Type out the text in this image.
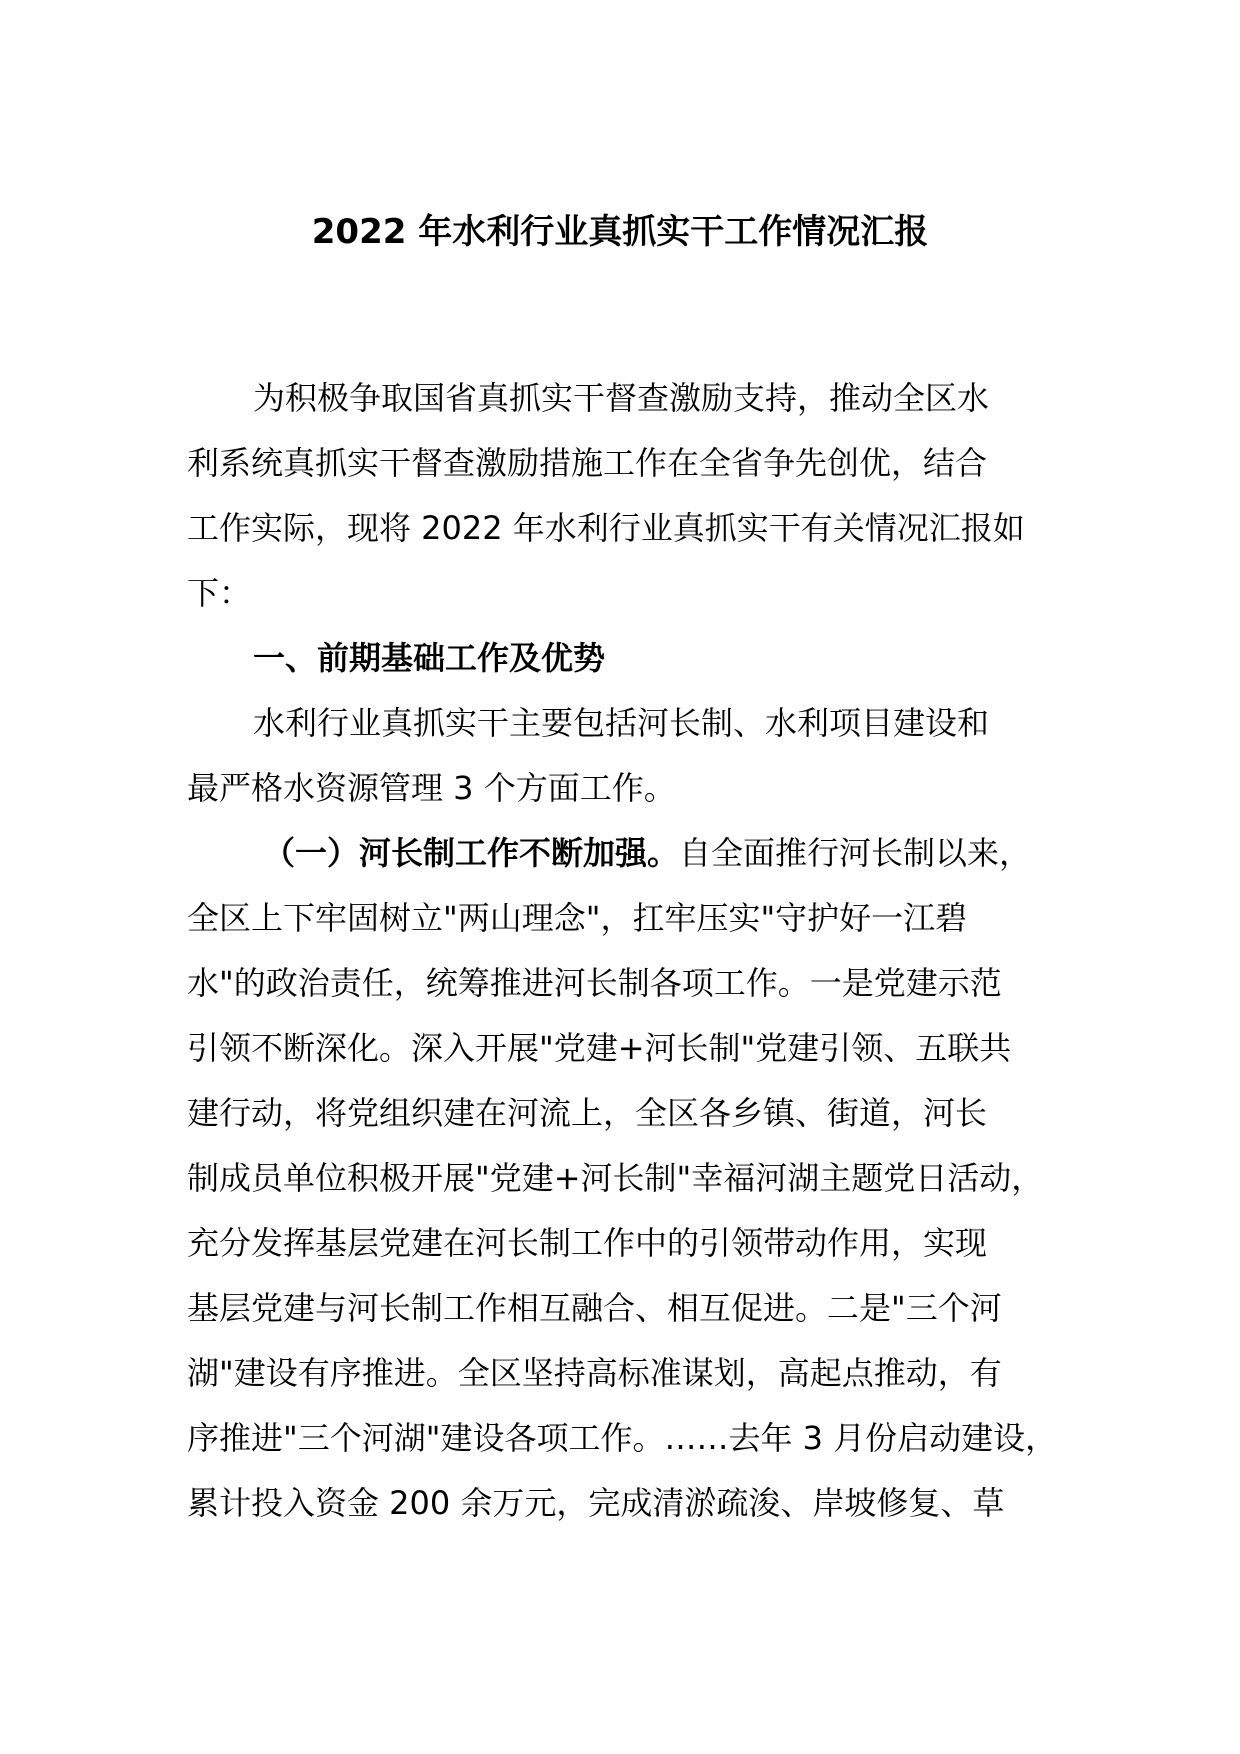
2022 年水利行业真抓实干工作情况汇报

为积极争取国省真抓实干督查激励支持，推动全区水
利系统真抓实干督查激励措施工作在全省争先创优，结合
工作实际，现将 2022 年水利行业真抓实干有关情况汇报如
下：

一、前期基础工作及优势

水利行业真抓实干主要包括河长制、水利项目建设和
最严格水资源管理 3 个方面工作。

（一）河长制工作不断加强。自全面推行河长制以来，
全区上下牢固树立"两山理念"，扛牢压实"守护好一江碧
水"的政治责任，统筹推进河长制各项工作。一是党建示范
引领不断深化。深入开展"党建+河长制"党建引领、五联共
建行动，将党组织建在河流上，全区各乡镇、街道，河长
制成员单位积极开展"党建+河长制"幸福河湖主题党日活动，
充分发挥基层党建在河长制工作中的引领带动作用，实现
基层党建与河长制工作相互融合、相互促进。二是"三个河
湖"建设有序推进。全区坚持高标准谋划，高起点推动，有
序推进"三个河湖"建设各项工作。……去年 3 月份启动建设，
累计投入资金 200 余万元，完成清淤疏浚、岸坡修复、草
